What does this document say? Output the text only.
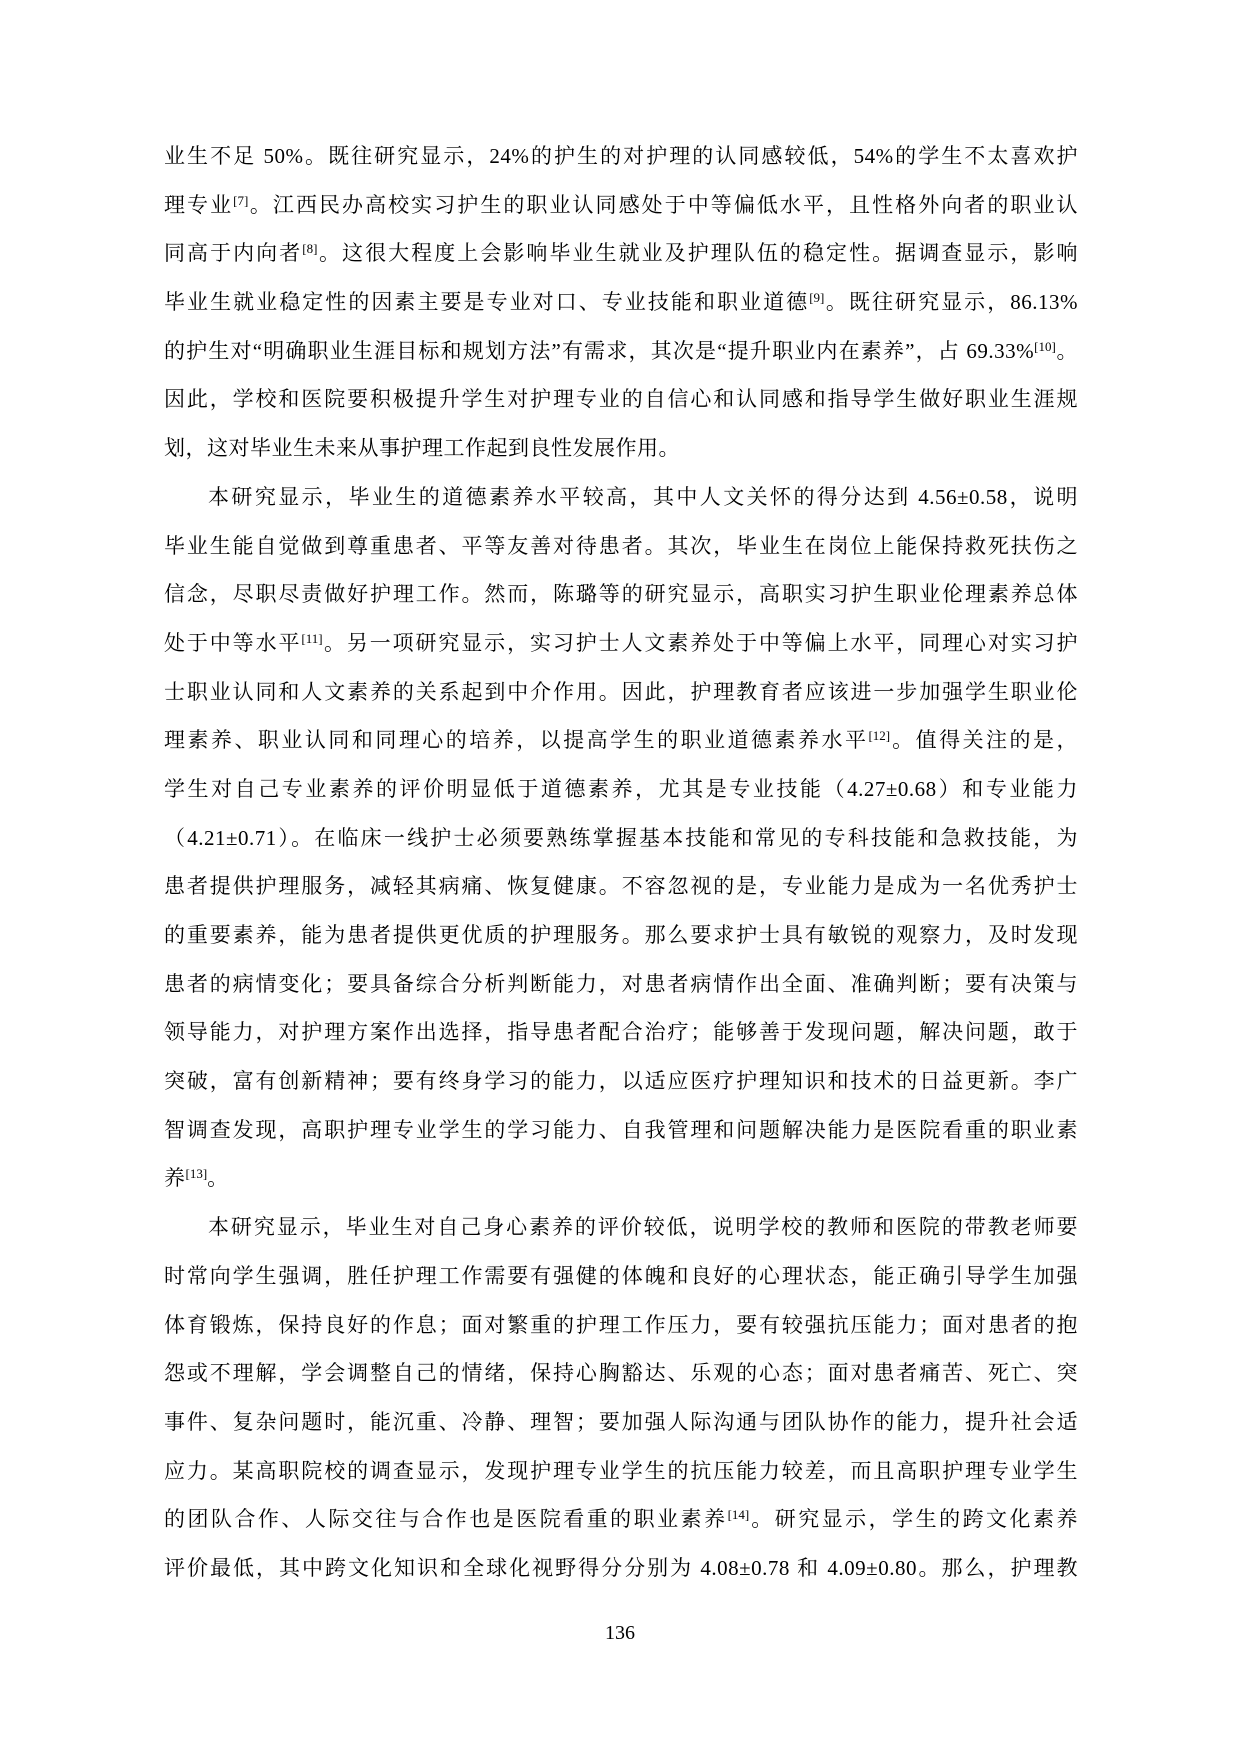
业生不足 50%。既往研究显示，24%的护生的对护理的认同感较低，54%的学生不太喜欢护
理专业[7]。江西民办高校实习护生的职业认同感处于中等偏低水平，且性格外向者的职业认
同高于内向者[8]。这很大程度上会影响毕业生就业及护理队伍的稳定性。据调查显示，影响
毕业生就业稳定性的因素主要是专业对口、专业技能和职业道德[9]。既往研究显示，86.13%
的护生对“明确职业生涯目标和规划方法”有需求，其次是“提升职业内在素养”，占 69.33%[10]。
因此，学校和医院要积极提升学生对护理专业的自信心和认同感和指导学生做好职业生涯规
划，这对毕业生未来从事护理工作起到良性发展作用。
本研究显示，毕业生的道德素养水平较高，其中人文关怀的得分达到 4.56±0.58，说明
毕业生能自觉做到尊重患者、平等友善对待患者。其次，毕业生在岗位上能保持救死扶伤之
信念，尽职尽责做好护理工作。然而，陈璐等的研究显示，高职实习护生职业伦理素养总体
处于中等水平[11]。另一项研究显示，实习护士人文素养处于中等偏上水平，同理心对实习护
士职业认同和人文素养的关系起到中介作用。因此，护理教育者应该进一步加强学生职业伦
理素养、职业认同和同理心的培养，以提高学生的职业道德素养水平[12]。值得关注的是，
学生对自己专业素养的评价明显低于道德素养，尤其是专业技能（4.27±0.68）和专业能力
（4.21±0.71）。在临床一线护士必须要熟练掌握基本技能和常见的专科技能和急救技能，为
患者提供护理服务，减轻其病痛、恢复健康。不容忽视的是，专业能力是成为一名优秀护士
的重要素养，能为患者提供更优质的护理服务。那么要求护士具有敏锐的观察力，及时发现
患者的病情变化；要具备综合分析判断能力，对患者病情作出全面、准确判断；要有决策与
领导能力，对护理方案作出选择，指导患者配合治疗；能够善于发现问题，解决问题，敢于
突破，富有创新精神；要有终身学习的能力，以适应医疗护理知识和技术的日益更新。李广
智调查发现，高职护理专业学生的学习能力、自我管理和问题解决能力是医院看重的职业素
养[13]。
本研究显示，毕业生对自己身心素养的评价较低，说明学校的教师和医院的带教老师要
时常向学生强调，胜任护理工作需要有强健的体魄和良好的心理状态，能正确引导学生加强
体育锻炼，保持良好的作息；面对繁重的护理工作压力，要有较强抗压能力；面对患者的抱
怨或不理解，学会调整自己的情绪，保持心胸豁达、乐观的心态；面对患者痛苦、死亡、突
事件、复杂问题时，能沉重、冷静、理智；要加强人际沟通与团队协作的能力，提升社会适
应力。某高职院校的调查显示，发现护理专业学生的抗压能力较差，而且高职护理专业学生
的团队合作、人际交往与合作也是医院看重的职业素养[14]。研究显示，学生的跨文化素养
评价最低，其中跨文化知识和全球化视野得分分别为 4.08±0.78 和 4.09±0.80。那么，护理教
136
